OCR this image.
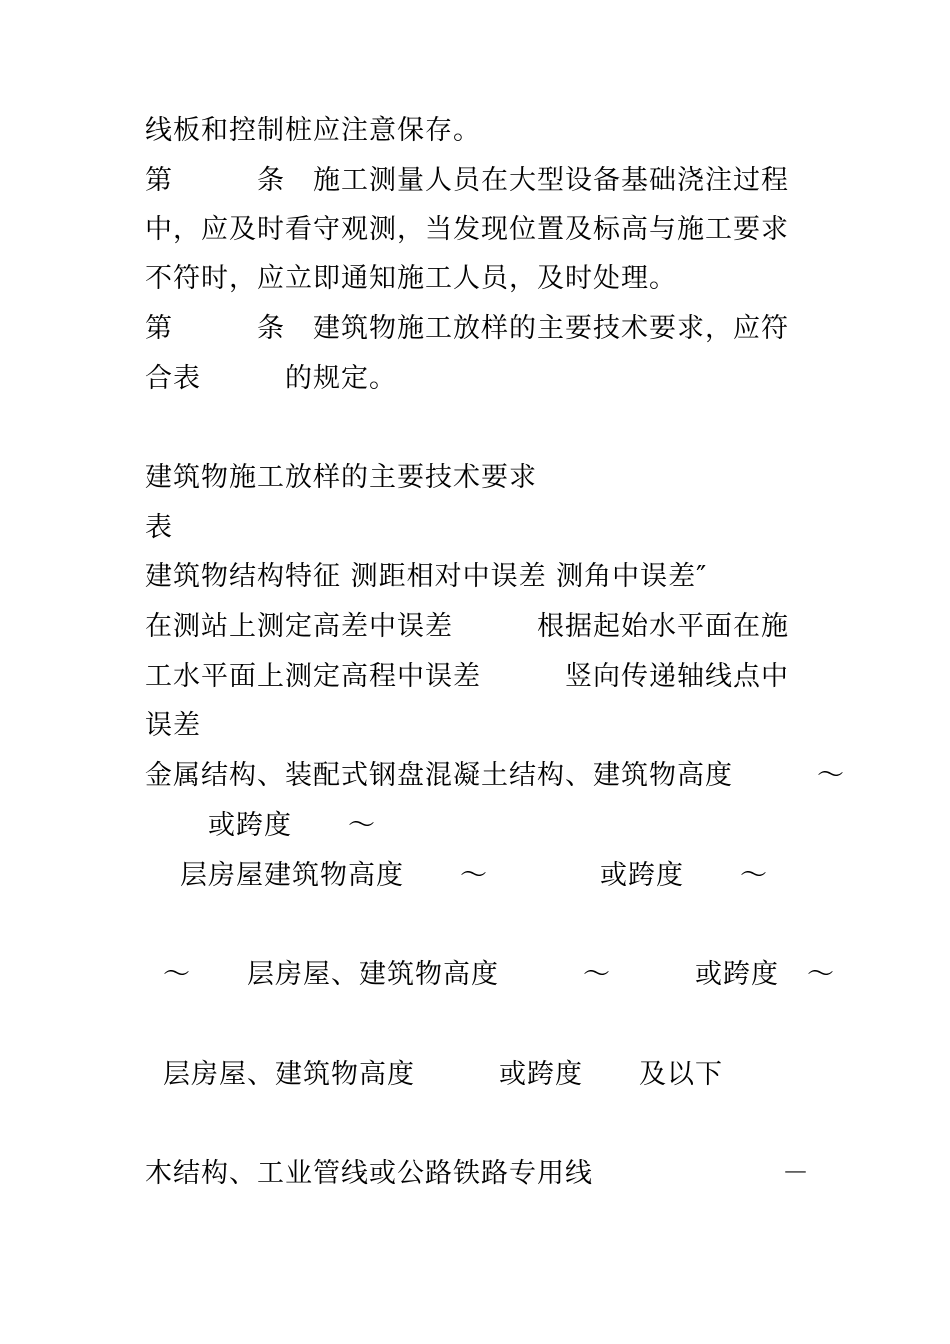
线板和控制桩应注意保存。
第　　　条　施工测量人员在大型设备基础浇注过程
中，应及时看守观测，当发现位置及标高与施工要求
不符时，应立即通知施工人员，及时处理。
第　　　条　建筑物施工放样的主要技术要求，应符
合表　　　的规定。
建筑物施工放样的主要技术要求
表
建筑物结构特征 测距相对中误差 测角中误差″
在测站上测定高差中误差　　　根据起始水平面在施
工水平面上测定高程中误差　　　竖向传递轴线点中
误差
金属结构、装配式钢盘混凝土结构、建筑物高度　　　～
或跨度　　～
层房屋建筑物高度　　～　　　　或跨度　　～
～　　层房屋、建筑物高度　　　～　　　或跨度　～
层房屋、建筑物高度　　　或跨度　　及以下
木结构、工业管线或公路铁路专用线	－
